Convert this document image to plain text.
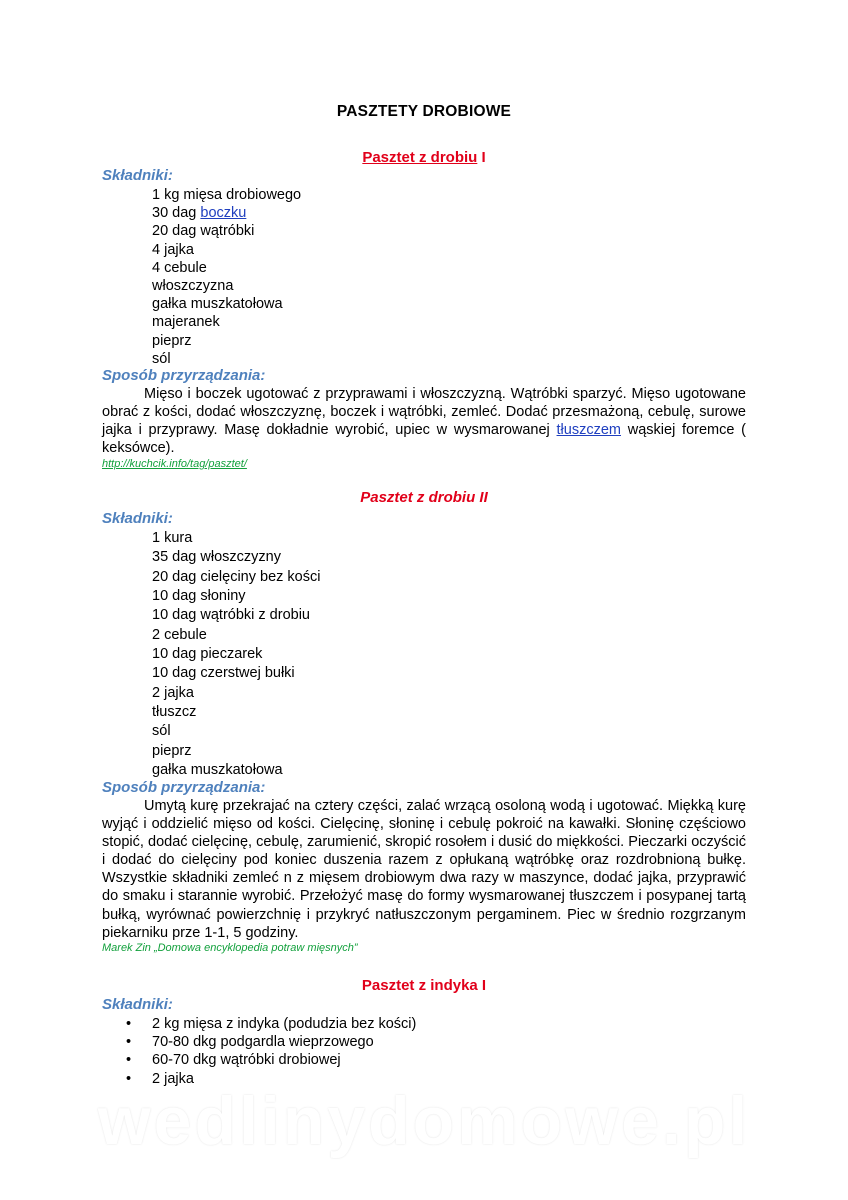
PASZTETY DROBIOWE
Pasztet z drobiu I
Składniki:
1 kg mięsa drobiowego
30 dag boczku
20 dag wątróbki
4 jajka
4 cebule
włoszczyzna
gałka muszkatołowa
majeranek
pieprz
sól
Sposób przyrządzania:

Mięso i boczek ugotować z przyprawami i włoszczyzną. Wątróbki sparzyć. Mięso ugotowane obrać z kości, dodać włoszczyznę, boczek i wątróbki, zemleć. Dodać przesmażoną, cebulę, surowe jajka i przyprawy. Masę dokładnie wyrobić, upiec w wysmarowanej tłuszczem wąskiej foremce ( keksówce).

http://kuchcik.info/tag/pasztet/
Pasztet z drobiu II
Składniki:
1 kura
35 dag włoszczyzny
20 dag cielęciny bez kości
10 dag słoniny
10 dag wątróbki z drobiu
2 cebule
10 dag pieczarek
10 dag czerstwej bułki
2 jajka
tłuszcz
sól
pieprz
gałka muszkatołowa
Sposób przyrządzania:

Umytą kurę przekrajać na cztery części, zalać wrzącą osoloną wodą i ugotować. Miękką kurę wyjąć i oddzielić mięso od kości. Cielęcinę, słoninę i cebulę pokroić na kawałki. Słoninę częściowo stopić, dodać cielęcinę, cebulę, zarumienić, skropić rosołem i dusić do miękkości. Pieczarki oczyścić i dodać do cielęciny pod koniec duszenia razem z opłukaną wątróbkę oraz rozdrobnioną bułkę. Wszystkie składniki zemleć n z mięsem drobiowym dwa razy w maszynce, dodać jajka, przyprawić do smaku i starannie wyrobić. Przełożyć masę do formy wysmarowanej tłuszczem i posypanej tartą bułką, wyrównać powierzchnię i przykryć natłuszczonym pergaminem. Piec w średnio rozgrzanym piekarniku prze 1-1, 5 godziny.

Marek Zin „Domowa encyklopedia potraw mięsnych”
Pasztet z indyka I
Składniki:
• 2 kg mięsa z indyka (podudzia bez kości)
• 70-80 dkg podgardla wieprzowego
• 60-70 dkg wątróbki drobiowej
• 2 jajka
wedlinydomowe.pl
